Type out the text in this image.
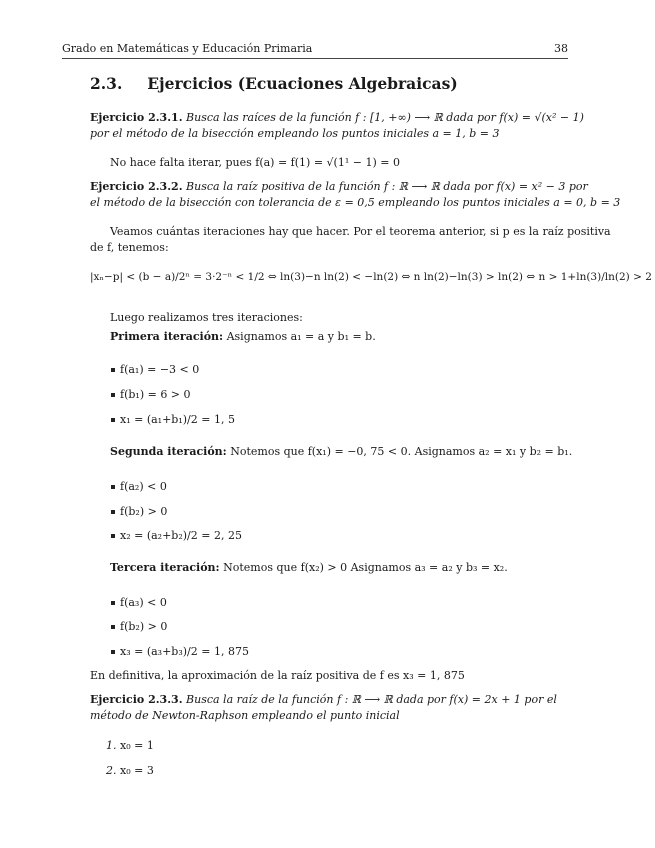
Grado en Matemáticas y Educación Primaria	38
2.3. Ejercicios (Ecuaciones Algebraicas)
Ejercicio 2.3.1. Busca las raíces de la función f : [1, +∞) ⟶ ℝ dada por f(x) = √(x² − 1)
por el método de la bisección empleando los puntos iniciales a = 1, b = 3
No hace falta iterar, pues f(a) = f(1) = √(1¹ − 1) = 0
Ejercicio 2.3.2. Busca la raíz positiva de la función f : ℝ ⟶ ℝ dada por f(x) = x² − 3 por
el método de la bisección con tolerancia de ε = 0,5 empleando los puntos iniciales a = 0, b = 3
Veamos cuántas iteraciones hay que hacer. Por el teorema anterior, si p es la raíz positiva
de f, tenemos:
|xₙ−p| < (b − a)/2ⁿ = 3·2⁻ⁿ < 1/2 ⇔ ln(3)−n ln(2) < −ln(2) ⇔ n ln(2)−ln(3) > ln(2) ⇔ n > 1+ln(3)/ln(2) > 2
Luego realizamos tres iteraciones:
Primera iteración: Asignamos a₁ = a y b₁ = b.
f(a₁) = −3 < 0
f(b₁) = 6 > 0
x₁ = (a₁+b₁)/2 = 1, 5
Segunda iteración: Notemos que f(x₁) = −0, 75 < 0. Asignamos a₂ = x₁ y b₂ = b₁.
f(a₂) < 0
f(b₂) > 0
x₂ = (a₂+b₂)/2 = 2, 25
Tercera iteración: Notemos que f(x₂) > 0 Asignamos a₃ = a₂ y b₃ = x₂.
f(a₃) < 0
f(b₂) > 0
x₃ = (a₃+b₃)/2 = 1, 875
En definitiva, la aproximación de la raíz positiva de f es x₃ = 1, 875
Ejercicio 2.3.3. Busca la raíz de la función f : ℝ ⟶ ℝ dada por f(x) = 2x + 1 por el
método de Newton-Raphson empleando el punto inicial
1. x₀ = 1
2. x₀ = 3
